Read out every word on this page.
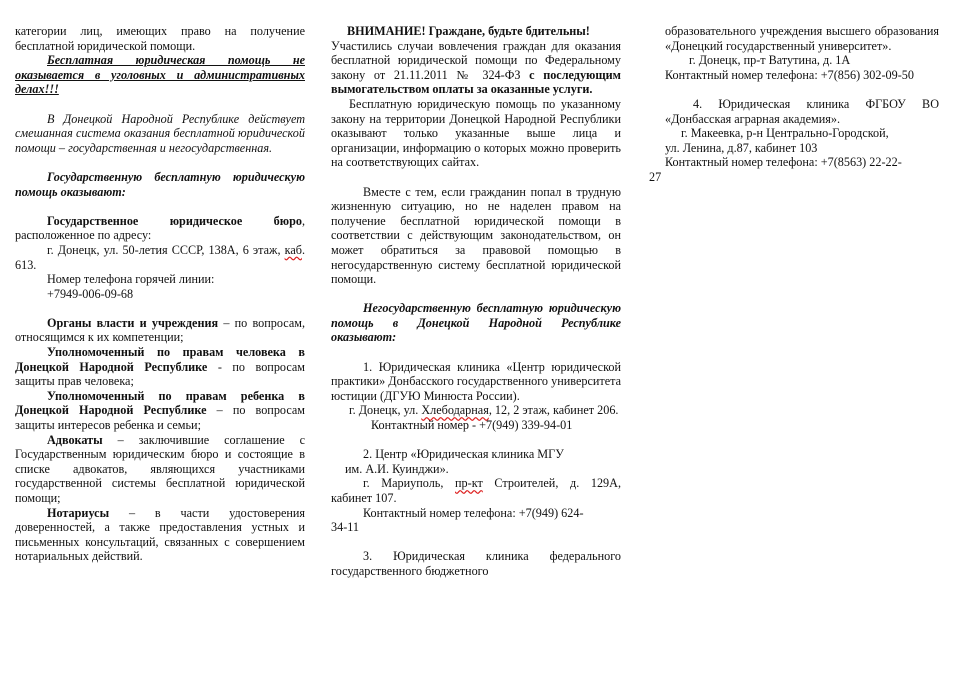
категории лиц, имеющих право на получение бесплатной юридической помощи.

Бесплатная юридическая помощь не оказывается в уголовных и административных делах!!!

В Донецкой Народной Республике действует смешанная система оказания бесплатной юридической помощи – государственная и негосударственная.

Государственную бесплатную юридическую помощь оказывают:

Государственное юридическое бюро, расположенное по адресу:

г. Донецк, ул. 50-летия СССР, 138А, 6 этаж, каб. 613.

Номер телефона горячей линии:

+7949-006-09-68

Органы власти и учреждения – по вопросам, относящимся к их компетенции;

Уполномоченный по правам человека в Донецкой Народной Республике - по вопросам защиты прав человека;

Уполномоченный по правам ребенка в Донецкой Народной Республике – по вопросам защиты интересов ребенка и семьи;

Адвокаты – заключившие соглашение с Государственным юридическим бюро и состоящие в списке адвокатов, являющихся участниками государственной системы бесплатной юридической помощи;

Нотариусы – в части удостоверения доверенностей, а также предоставления устных и письменных консультаций, связанных с совершением нотариальных действий.

ВНИМАНИЕ! Граждане, будьте бдительны!

Участились случаи вовлечения граждан для оказания бесплатной юридической помощи по Федеральному закону от 21.11.2011 № 324-ФЗ с последующим вымогательством оплаты за оказанные услуги.

Бесплатную юридическую помощь по указанному закону на территории Донецкой Народной Республики оказывают только указанные выше лица и организации, информацию о которых можно проверить на соответствующих сайтах.

Вместе с тем, если гражданин попал в трудную жизненную ситуацию, но не наделен правом на получение бесплатной юридической помощи в соответствии с действующим законодательством, он может обратиться за правовой помощью в негосударственную систему бесплатной юридической помощи.

Негосударственную бесплатную юридическую помощь в Донецкой Народной Республике оказывают:

1. Юридическая клиника «Центр юридической практики» Донбасского государственного университета юстиции (ДГУЮ Минюста России).

г. Донецк, ул. Хлебодарная, 12, 2 этаж, кабинет 206.

Контактный номер - +7(949) 339-94-01

2. Центр «Юридическая клиника МГУ

им. А.И. Куинджи».

г. Мариуполь, пр-кт Строителей, д. 129А, кабинет 107.

Контактный номер телефона: +7(949) 624-

34-11

3. Юридическая клиника федерального государственного бюджетного

образовательного учреждения высшего образования «Донецкий государственный университет».

г. Донецк, пр-т Ватутина, д. 1А

Контактный номер телефона: +7(856) 302-09-50

4. Юридическая клиника ФГБОУ ВО «Донбасская аграрная академия».

г. Макеевка, р-н Центрально-Городской,

ул. Ленина, д.87, кабинет 103

Контактный номер телефона: +7(8563) 22-22-

27
